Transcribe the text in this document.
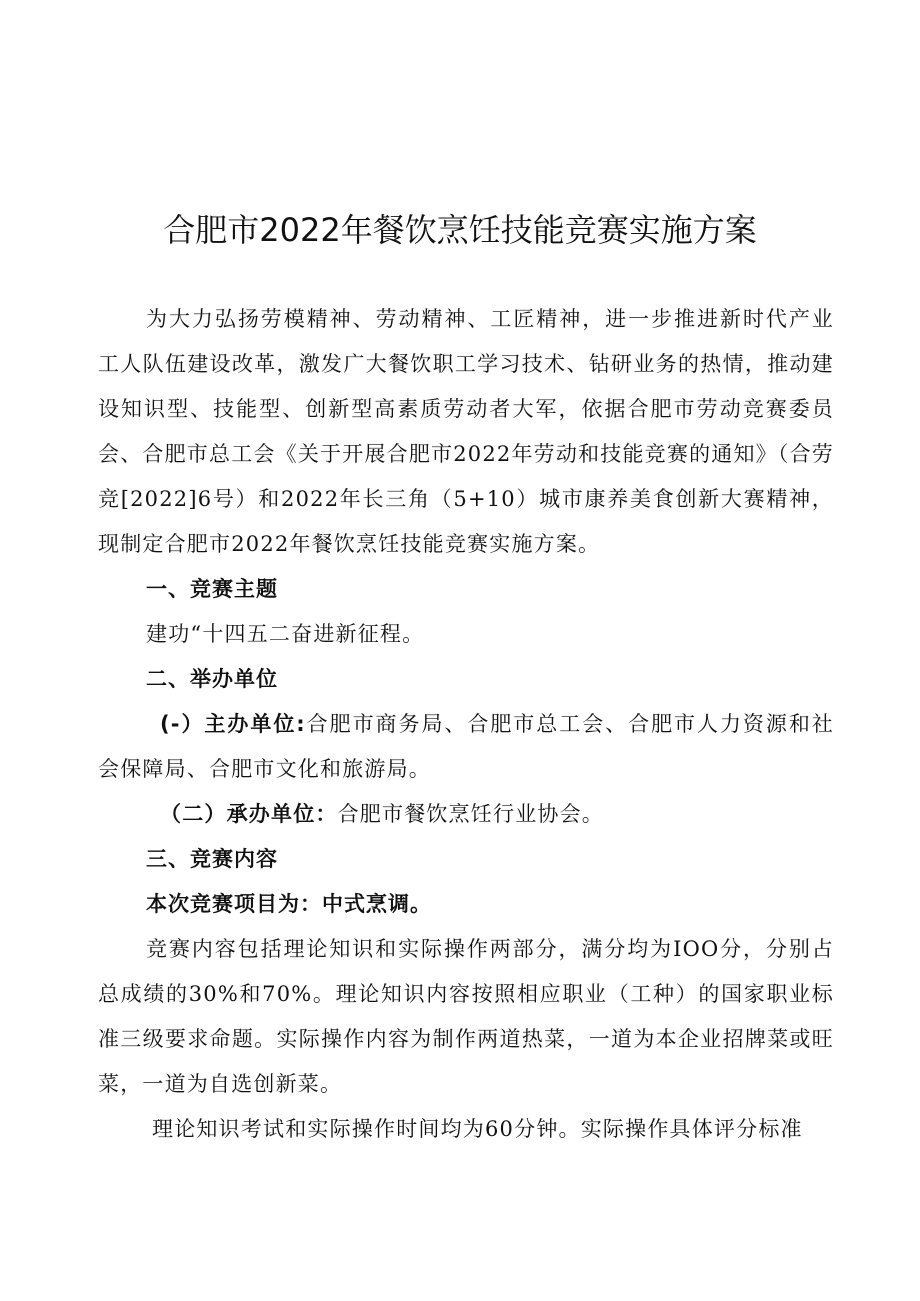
合肥市2022年餐饮烹饪技能竞赛实施方案

为大力弘扬劳模精神、劳动精神、工匠精神，进一步推进新时代产业工人队伍建设改革，激发广大餐饮职工学习技术、钻研业务的热情，推动建设知识型、技能型、创新型高素质劳动者大军，依据合肥市劳动竞赛委员会、合肥市总工会《关于开展合肥市2022年劳动和技能竞赛的通知》（合劳竞[2022]6号）和2022年长三角（5+10）城市康养美食创新大赛精神，现制定合肥市2022年餐饮烹饪技能竞赛实施方案。

一、竞赛主题

建功“十四五二奋进新征程。

二、举办单位

(-）主办单位:合肥市商务局、合肥市总工会、合肥市人力资源和社会保障局、合肥市文化和旅游局。

（二）承办单位：合肥市餐饮烹饪行业协会。

三、竞赛内容

本次竞赛项目为：中式烹调。

竞赛内容包括理论知识和实际操作两部分，满分均为IOO分，分别占总成绩的30%和70%。理论知识内容按照相应职业（工种）的国家职业标准三级要求命题。实际操作内容为制作两道热菜，一道为本企业招牌菜或旺菜，一道为自选创新菜。

理论知识考试和实际操作时间均为60分钟。实际操作具体评分标准
